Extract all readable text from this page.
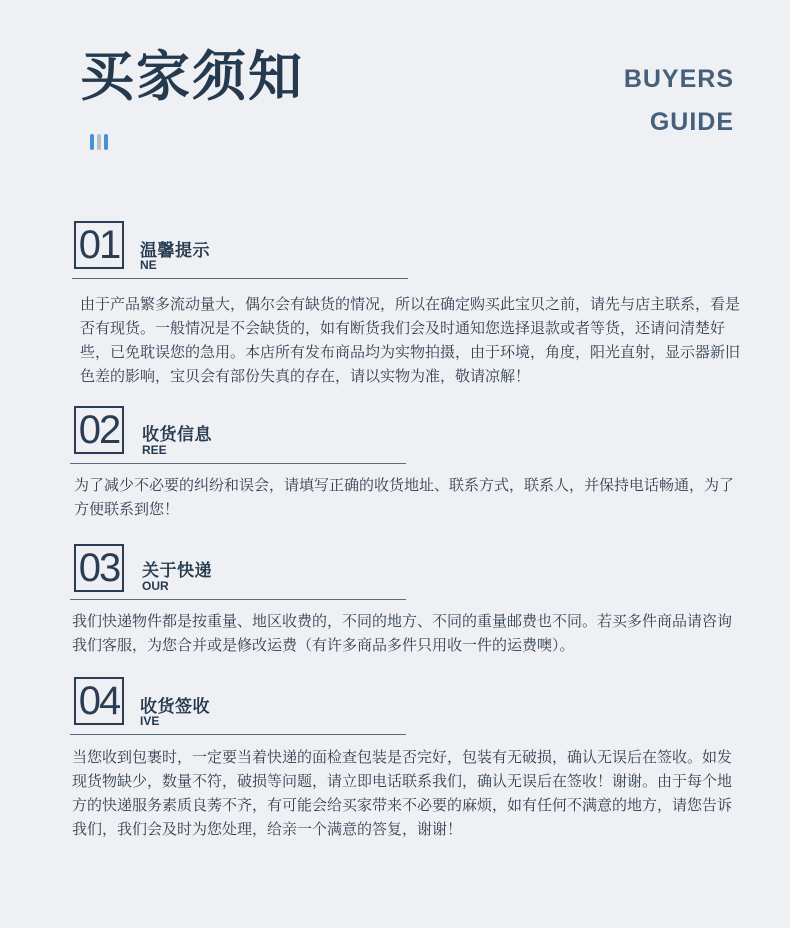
买家须知	BUYERS
GUIDE
01 温馨提示
NE
由于产品繁多流动量大，偶尔会有缺货的情况，所以在确定购买此宝贝之前，请先与店主联系，看是否有现货。一般情况是不会缺货的，如有断货我们会及时通知您选择退款或者等货，还请问清楚好些，已免耽误您的急用。本店所有发布商品均为实物拍摄，由于环境，角度，阳光直射，显示器新旧色差的影响，宝贝会有部份失真的存在，请以实物为准，敬请凉解！
02 收货信息
REE
为了减少不必要的纠纷和误会，请填写正确的收货地址、联系方式，联系人，并保持电话畅通，为了方便联系到您！
03 关于快递
OUR
我们快递物件都是按重量、地区收费的，不同的地方、不同的重量邮费也不同。若买多件商品请咨询我们客服，为您合并或是修改运费（有许多商品多件只用收一件的运费噢）。
04 收货签收
IVE
当您收到包裹时，一定要当着快递的面检查包装是否完好，包装有无破损，确认无误后在签收。如发现货物缺少，数量不符，破损等问题，请立即电话联系我们，确认无误后在签收！谢谢。由于每个地方的快递服务素质良莠不齐，有可能会给买家带来不必要的麻烦，如有任何不满意的地方，请您告诉我们，我们会及时为您处理，给亲一个满意的答复，谢谢！
